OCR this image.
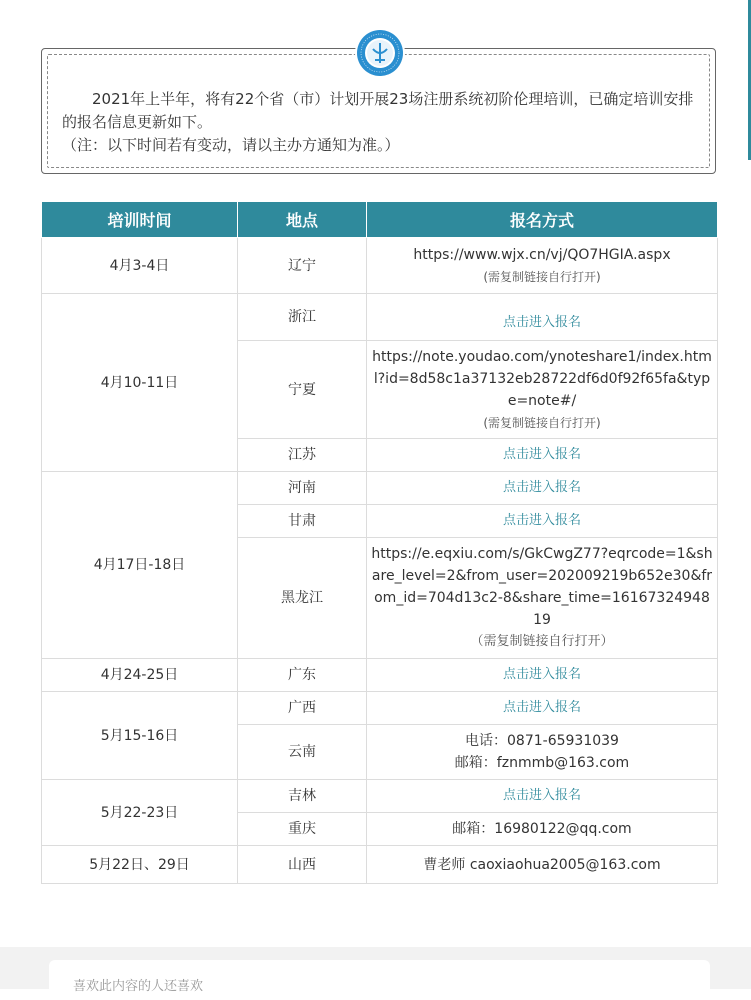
2021年上半年，将有22个省（市）计划开展23场注册系统初阶伦理培训，已确定培训安排的报名信息更新如下。

（注：以下时间若有变动，请以主办方通知为准。）

培训时间	地点	报名方式
4月3-4日	辽宁	https://www.wjx.cn/vj/QO7HGIA.aspx
(需复制链接自行打开)

4月10-11日	浙江	点击进入报名

	宁夏	https://note.youdao.com/ynoteshare1/index.html?id=8d58c1a37132eb28722df6d0f92f65fa&type=note#/
(需复制链接自行打开)

	江苏	点击进入报名

4月17日-18日	河南	点击进入报名

	甘肃	点击进入报名

	黑龙江	https://e.eqxiu.com/s/GkCwgZ77?eqrcode=1&share_level=2&from_user=202009219b652e30&from_id=704d13c2-8&share_time=1616732494819
（需复制链接自行打开）

4月24-25日	广东	点击进入报名

5月15-16日	广西	点击进入报名

	云南	电话：0871-65931039
邮箱：fznmmb@163.com

5月22-23日	吉林	点击进入报名

	重庆	邮箱：16980122@qq.com

5月22日、29日	山西	曹老师 caoxiaohua2005@163.com
喜欢此内容的人还喜欢
